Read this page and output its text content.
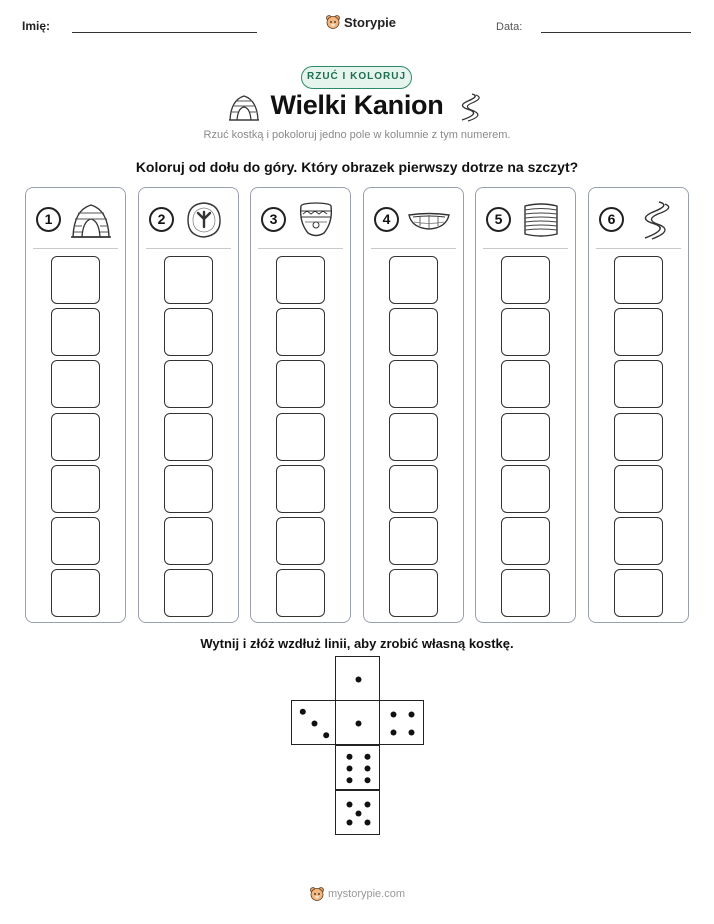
Imię:	Storypie	Data:
RZUĆ I KOLORUJ
Wielki Kanion
Rzuć kostką i pokoloruj jedno pole w kolumnie z tym numerem.
Koloruj od dołu do góry. Który obrazek pierwszy dotrze na szczyt?
1	2	3	4	5	6
Wytnij i złóż wzdłuż linii, aby zrobić własną kostkę.
mystorypie.com
